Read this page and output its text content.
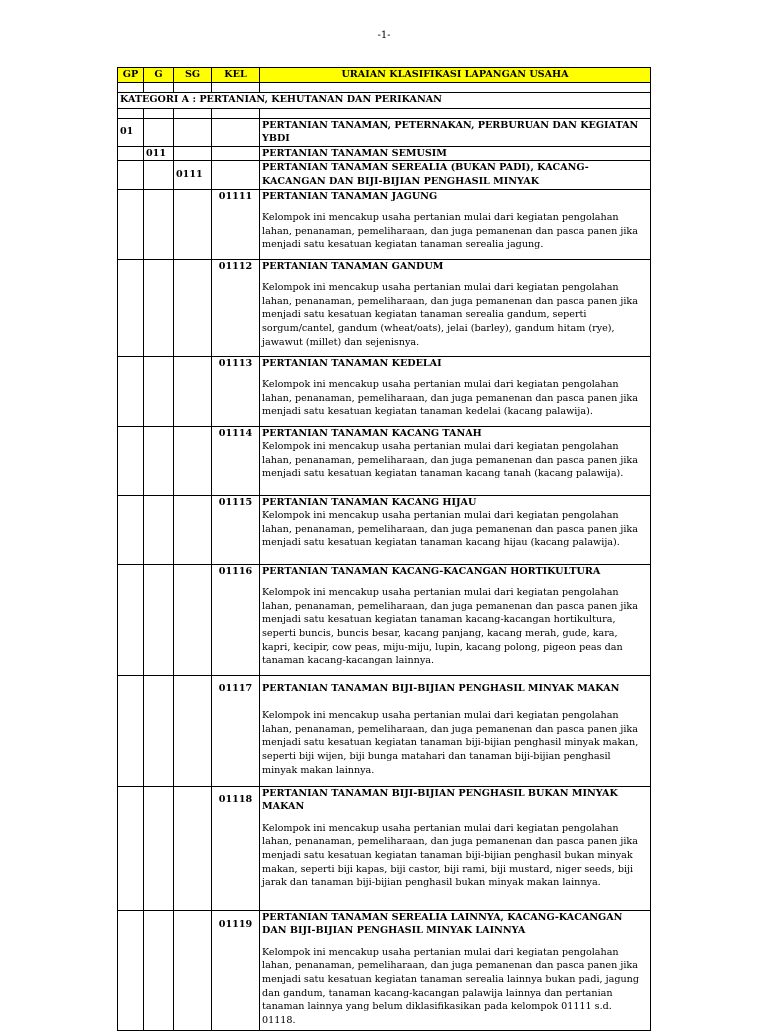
-1-
GP	G	SG	KEL	URAIAN KLASIFIKASI LAPANGAN USAHA

KATEGORI A : PERTANIAN, KEHUTANAN DAN PERIKANAN				

01				PERTANIAN TANAMAN, PETERNAKAN, PERBURUAN DAN KEGIATAN YBDI
	011			PERTANIAN TANAMAN SEMUSIM
		0111		PERTANIAN TANAMAN SEREALIA (BUKAN PADI), KACANG-KACANGAN DAN BIJI-BIJIAN PENGHASIL MINYAK
			01111	PERTANIAN TANAMAN JAGUNG
Kelompok ini mencakup usaha pertanian mulai dari kegiatan pengolahan lahan, penanaman, pemeliharaan, dan juga pemanenan dan pasca panen jika menjadi satu kesatuan kegiatan tanaman serealia jagung.

			01112	PERTANIAN TANAMAN GANDUM
Kelompok ini mencakup usaha pertanian mulai dari kegiatan pengolahan lahan, penanaman, pemeliharaan, dan juga pemanenan dan pasca panen jika menjadi satu kesatuan kegiatan tanaman serealia gandum, seperti sorgum/cantel, gandum (wheat/oats), jelai (barley), gandum hitam (rye), jawawut (millet) dan sejenisnya.

			01113	PERTANIAN TANAMAN KEDELAI
Kelompok ini mencakup usaha pertanian mulai dari kegiatan pengolahan lahan, penanaman, pemeliharaan, dan juga pemanenan dan pasca panen jika menjadi satu kesatuan kegiatan tanaman kedelai (kacang palawija).

			01114	PERTANIAN TANAMAN KACANG TANAH
Kelompok ini mencakup usaha pertanian mulai dari kegiatan pengolahan lahan, penanaman, pemeliharaan, dan juga pemanenan dan pasca panen jika menjadi satu kesatuan kegiatan tanaman kacang tanah (kacang palawija).

			01115	PERTANIAN TANAMAN KACANG HIJAU
Kelompok ini mencakup usaha pertanian mulai dari kegiatan pengolahan lahan, penanaman, pemeliharaan, dan juga pemanenan dan pasca panen jika menjadi satu kesatuan kegiatan tanaman kacang hijau (kacang palawija).

			01116	PERTANIAN TANAMAN KACANG-KACANGAN HORTIKULTURA
Kelompok ini mencakup usaha pertanian mulai dari kegiatan pengolahan lahan, penanaman, pemeliharaan, dan juga pemanenan dan pasca panen jika menjadi satu kesatuan kegiatan tanaman kacang-kacangan hortikultura, seperti buncis, buncis besar, kacang panjang, kacang merah, gude, kara, kapri, kecipir, cow peas, miju-miju, lupin, kacang polong, pigeon peas dan tanaman kacang-kacangan lainnya.

			01117	PERTANIAN TANAMAN BIJI-BIJIAN PENGHASIL MINYAK MAKAN
Kelompok ini mencakup usaha pertanian mulai dari kegiatan pengolahan lahan, penanaman, pemeliharaan, dan juga pemanenan dan pasca panen jika menjadi satu kesatuan kegiatan tanaman biji-bijian penghasil minyak makan, seperti biji wijen, biji bunga matahari dan tanaman biji-bijian penghasil minyak makan lainnya.

			01118	PERTANIAN TANAMAN BIJI-BIJIAN PENGHASIL BUKAN MINYAK MAKAN
Kelompok ini mencakup usaha pertanian mulai dari kegiatan pengolahan lahan, penanaman, pemeliharaan, dan juga pemanenan dan pasca panen jika menjadi satu kesatuan kegiatan tanaman biji-bijian penghasil bukan minyak makan, seperti biji kapas, biji castor, biji rami, biji mustard, niger seeds, biji jarak dan tanaman biji-bijian penghasil bukan minyak makan lainnya.

			01119	PERTANIAN TANAMAN SEREALIA LAINNYA, KACANG-KACANGAN DAN BIJI-BIJIAN PENGHASIL MINYAK LAINNYA
Kelompok ini mencakup usaha pertanian mulai dari kegiatan pengolahan lahan, penanaman, pemeliharaan, dan juga pemanenan dan pasca panen jika menjadi satu kesatuan kegiatan tanaman serealia lainnya bukan padi, jagung dan gandum, tanaman kacang-kacangan palawija lainnya dan pertanian tanaman lainnya yang belum diklasifikasikan pada kelompok 01111 s.d. 01118.
